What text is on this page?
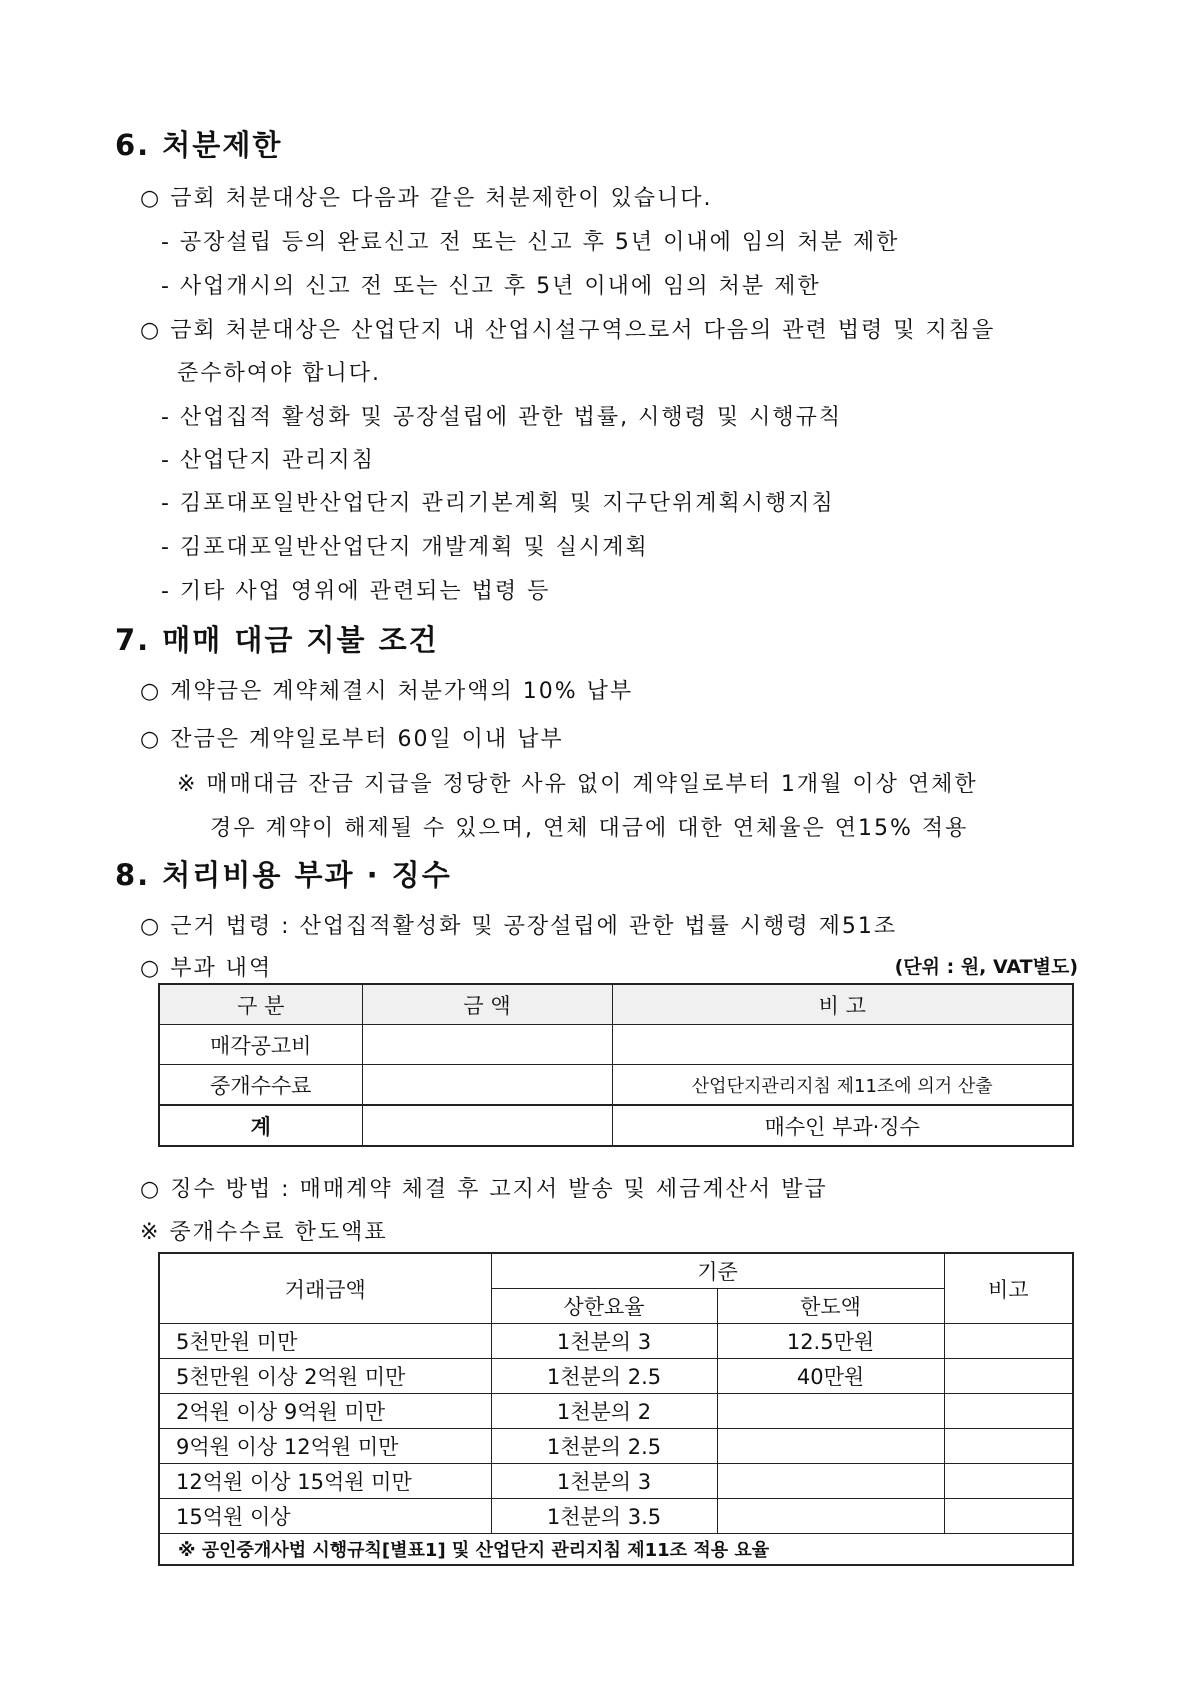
6. 처분제한
○ 금회 처분대상은 다음과 같은 처분제한이 있습니다.
- 공장설립 등의 완료신고 전 또는 신고 후 5년 이내에 임의 처분 제한
- 사업개시의 신고 전 또는 신고 후 5년 이내에 임의 처분 제한
○ 금회 처분대상은 산업단지 내 산업시설구역으로서 다음의 관련 법령 및 지침을
준수하여야 합니다.
- 산업집적 활성화 및 공장설립에 관한 법률, 시행령 및 시행규칙
- 산업단지 관리지침
- 김포대포일반산업단지 관리기본계획 및 지구단위계획시행지침
- 김포대포일반산업단지 개발계획 및 실시계획
- 기타 사업 영위에 관련되는 법령 등
7. 매매 대금 지불 조건
○ 계약금은 계약체결시 처분가액의 10% 납부
○ 잔금은 계약일로부터 60일 이내 납부
※ 매매대금 잔금 지급을 정당한 사유 없이 계약일로부터 1개월 이상 연체한
경우 계약이 해제될 수 있으며, 연체 대금에 대한 연체율은 연15% 적용
8. 처리비용 부과 · 징수
○ 근거 법령 : 산업집적활성화 및 공장설립에 관한 법률 시행령 제51조
○ 부과 내역	(단위 : 원, VAT별도)
구 분	금 액	비 고
매각공고비		
중개수수료		산업단지관리지침 제11조에 의거 산출
계		매수인 부과·징수
○ 징수 방법 : 매매계약 체결 후 고지서 발송 및 세금계산서 발급
※ 중개수수료 한도액표
거래금액	기준		비고
	상한요율	한도액	
5천만원 미만	1천분의 3	12.5만원	
5천만원 이상 2억원 미만	1천분의 2.5	40만원	
2억원 이상 9억원 미만	1천분의 2		
9억원 이상 12억원 미만	1천분의 2.5		
12억원 이상 15억원 미만	1천분의 3		
15억원 이상	1천분의 3.5		
※ 공인중개사법 시행규칙[별표1] 및 산업단지 관리지침 제11조 적용 요율			
